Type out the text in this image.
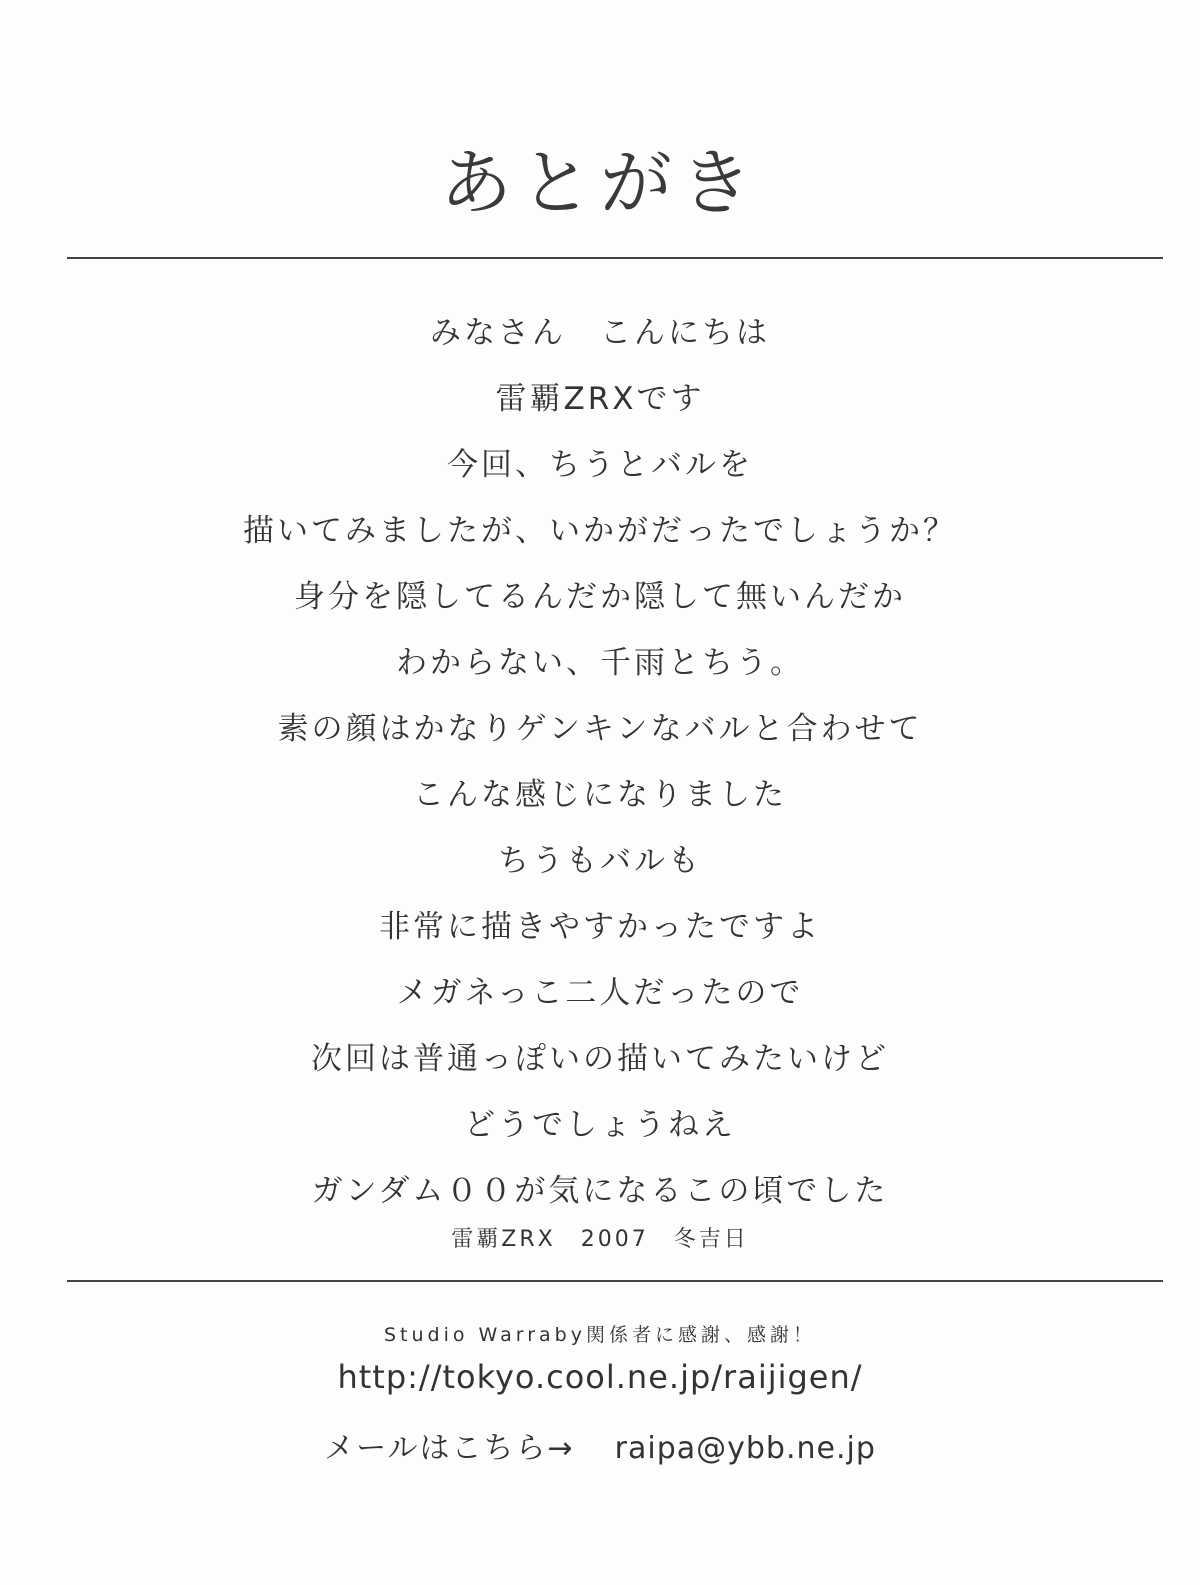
あとがき
みなさん　こんにちは
雷覇ZRXです
今回、ちうとバルを
描いてみましたが、いかがだったでしょうか？
身分を隠してるんだか隠して無いんだか
わからない、千雨とちう。
素の顔はかなりゲンキンなバルと合わせて
こんな感じになりました
ちうもバルも
非常に描きやすかったですよ
メガネっこ二人だったので
次回は普通っぽいの描いてみたいけど
どうでしょうねえ
ガンダム００が気になるこの頃でした
雷覇ZRX　2007　冬吉日
Studio Warraby関係者に感謝、感謝！
http://tokyo.cool.ne.jp/raijigen/
メールはこちら→ raipa@ybb.ne.jp
